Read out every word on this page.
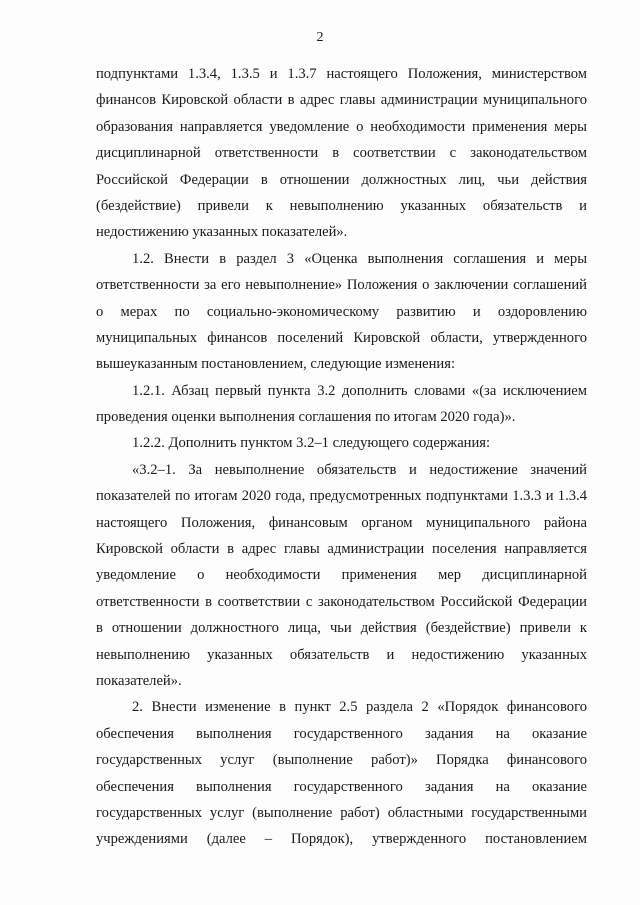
2
подпунктами 1.3.4, 1.3.5 и 1.3.7 настоящего Положения, министерством
финансов Кировской области в адрес главы администрации муниципального
образования направляется уведомление о необходимости применения меры
дисциплинарной ответственности в соответствии с законодательством
Российской Федерации в отношении должностных лиц, чьи действия
(бездействие) привели к невыполнению указанных обязательств и
недостижению указанных показателей».
1.2. Внести в раздел 3 «Оценка выполнения соглашения и меры
ответственности за его невыполнение» Положения о заключении соглашений
о мерах по социально-экономическому развитию и оздоровлению
муниципальных финансов поселений Кировской области, утвержденного
вышеуказанным постановлением, следующие изменения:
1.2.1. Абзац первый пункта 3.2 дополнить словами «(за исключением
проведения оценки выполнения соглашения по итогам 2020 года)».
1.2.2. Дополнить пунктом 3.2–1 следующего содержания:
«3.2–1. За невыполнение обязательств и недостижение значений
показателей по итогам 2020 года, предусмотренных подпунктами 1.3.3 и 1.3.4
настоящего Положения, финансовым органом муниципального района
Кировской области в адрес главы администрации поселения направляется
уведомление о необходимости применения мер дисциплинарной
ответственности в соответствии с законодательством Российской Федерации
в отношении должностного лица, чьи действия (бездействие) привели к
невыполнению указанных обязательств и недостижению указанных
показателей».
2. Внести изменение в пункт 2.5 раздела 2 «Порядок финансового
обеспечения выполнения государственного задания на оказание
государственных услуг (выполнение работ)» Порядка финансового
обеспечения выполнения государственного задания на оказание
государственных услуг (выполнение работ) областными государственными
учреждениями (далее – Порядок), утвержденного постановлением
